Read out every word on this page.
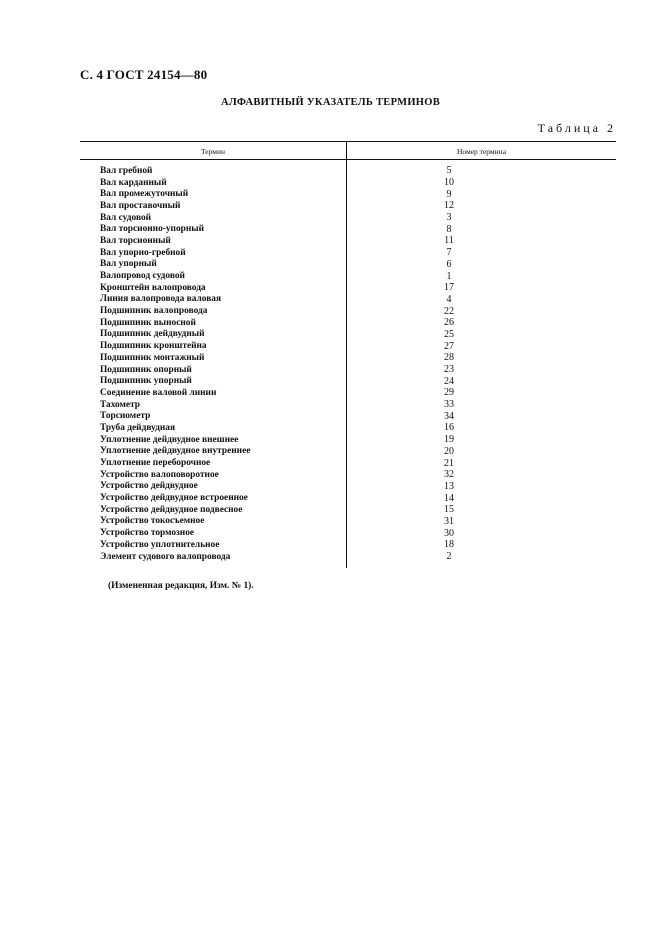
С. 4 ГОСТ 24154—80
АЛФАВИТНЫЙ УКАЗАТЕЛЬ ТЕРМИНОВ
Таблица 2
Термин	Номер термина
Вал гребной	5
Вал карданный	10
Вал промежуточный	9
Вал проставочный	12
Вал судовой	3
Вал торсионно-упорный	8
Вал торсионный	11
Вал упорно-гребной	7
Вал упорный	6
Валопровод судовой	1
Кронштейн валопровода	17
Линия валопровода валовая	4
Подшипник валопровода	22
Подшипник выносной	26
Подшипник дейдвудный	25
Подшипник кронштейна	27
Подшипник монтажный	28
Подшипник опорный	23
Подшипник упорный	24
Соединение валовой линии	29
Тахометр	33
Торсиометр	34
Труба дейдвудная	16
Уплотнение дейдвудное внешнее	19
Уплотнение дейдвудное внутреннее	20
Уплотнение переборочное	21
Устройство валоповоротное	32
Устройство дейдвудное	13
Устройство дейдвудное встроенное	14
Устройство дейдвудное подвесное	15
Устройство токосъемное	31
Устройство тормозное	30
Устройство уплотнительное	18
Элемент судового валопровода	2
(Измененная редакция, Изм. № 1).
